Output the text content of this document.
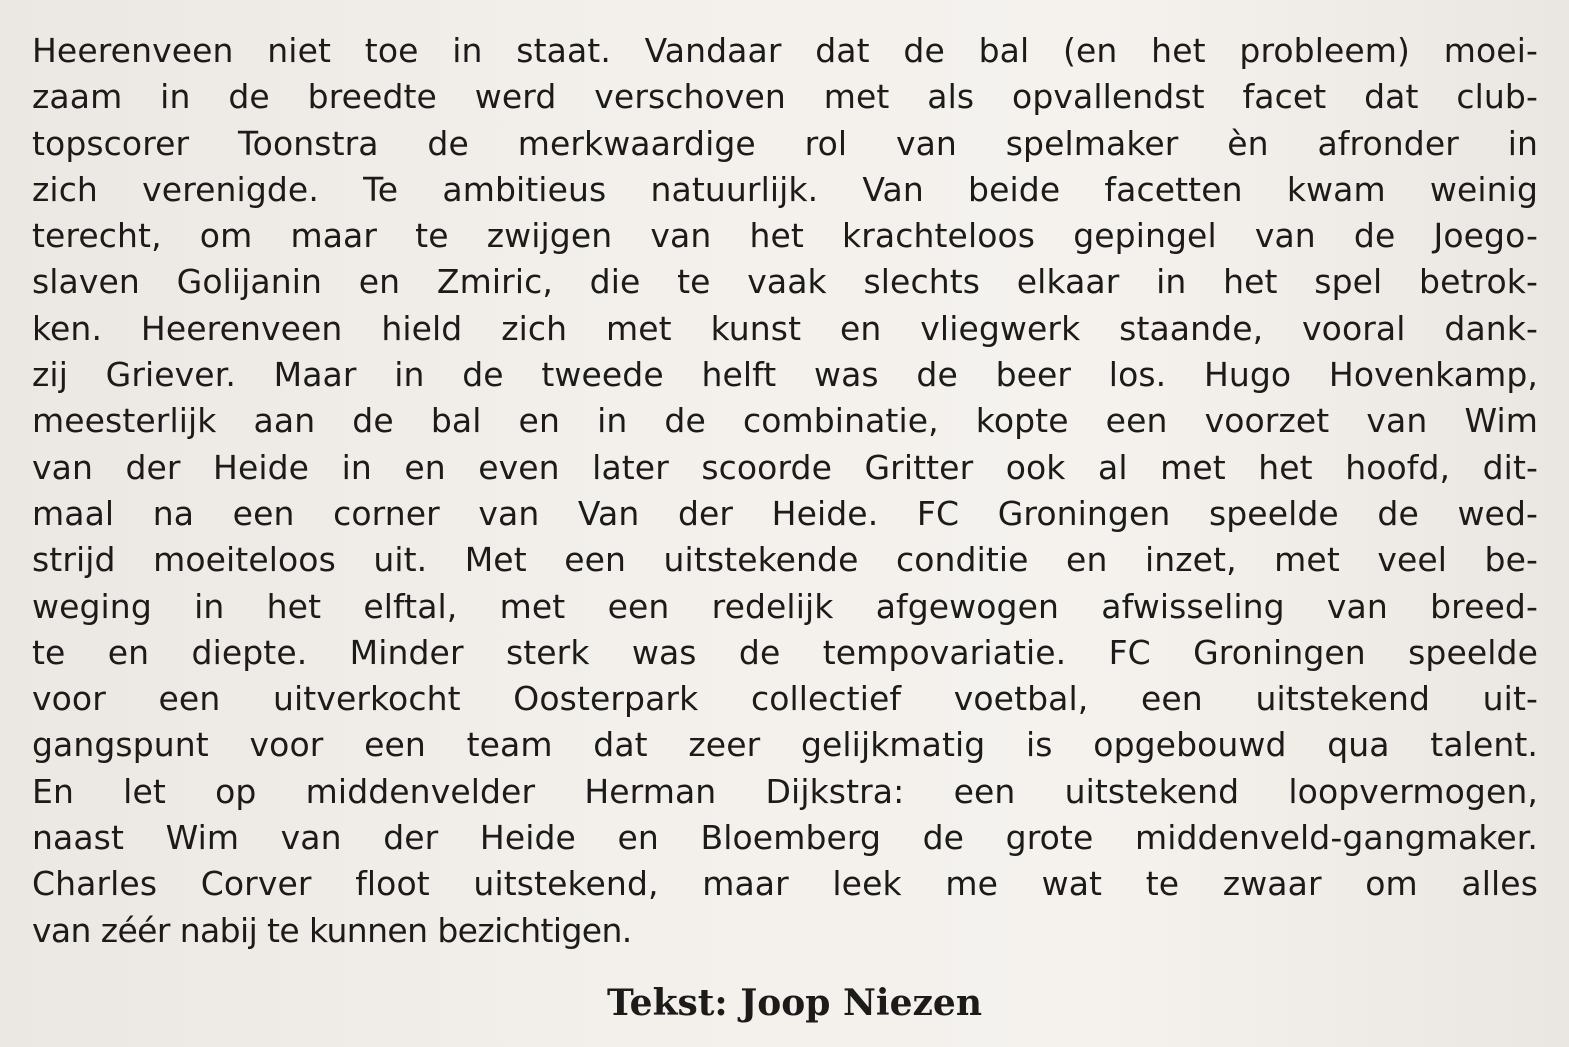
Heerenveen niet toe in staat. Vandaar dat de bal (en het probleem) moei-
zaam in de breedte werd verschoven met als opvallendst facet dat club-
topscorer Toonstra de merkwaardige rol van spelmaker èn afronder in
zich verenigde. Te ambitieus natuurlijk. Van beide facetten kwam weinig
terecht, om maar te zwijgen van het krachteloos gepingel van de Joego-
slaven Golijanin en Zmiric, die te vaak slechts elkaar in het spel betrok-
ken. Heerenveen hield zich met kunst en vliegwerk staande, vooral dank-
zij Griever. Maar in de tweede helft was de beer los. Hugo Hovenkamp,
meesterlijk aan de bal en in de combinatie, kopte een voorzet van Wim
van der Heide in en even later scoorde Gritter ook al met het hoofd, dit-
maal na een corner van Van der Heide. FC Groningen speelde de wed-
strijd moeiteloos uit. Met een uitstekende conditie en inzet, met veel be-
weging in het elftal, met een redelijk afgewogen afwisseling van breed-
te en diepte. Minder sterk was de tempovariatie. FC Groningen speelde
voor een uitverkocht Oosterpark collectief voetbal, een uitstekend uit-
gangspunt voor een team dat zeer gelijkmatig is opgebouwd qua talent.
En let op middenvelder Herman Dijkstra: een uitstekend loopvermogen,
naast Wim van der Heide en Bloemberg de grote middenveld-gangmaker.
Charles Corver floot uitstekend, maar leek me wat te zwaar om alles
van zéér nabij te kunnen bezichtigen.
Tekst: Joop Niezen
